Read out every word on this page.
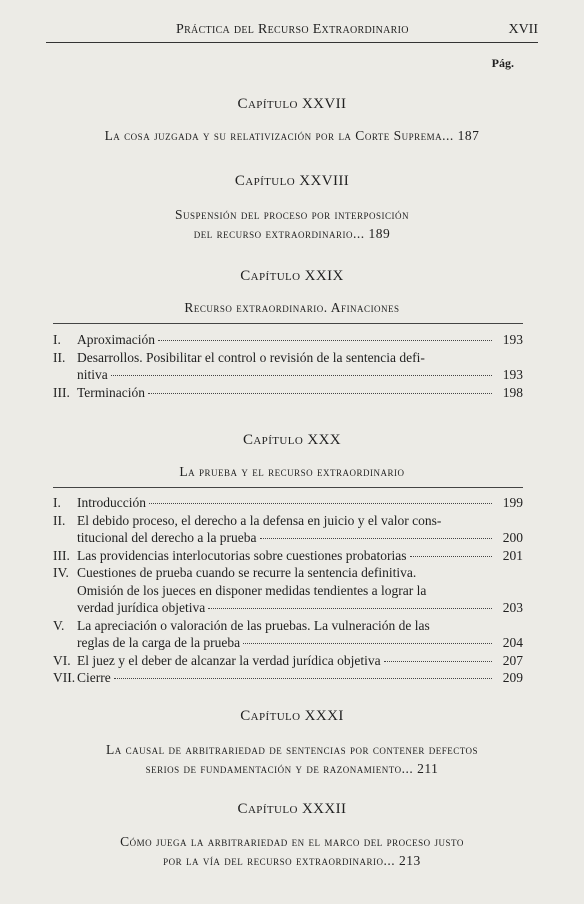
Práctica del Recurso Extraordinario	XVII
Pág.
Capítulo XXVII
La cosa juzgada y su relativización por la Corte Suprema... 187
Capítulo XXVIII
Suspensión del proceso por interposición
del recurso extraordinario... 189
Capítulo XXIX
Recurso extraordinario. Afinaciones
I. Aproximación	193
II. Desarrollos. Posibilitar el control o revisión de la sentencia defi-
nitiva	193
III. Terminación	198
Capítulo XXX
La prueba y el recurso extraordinario
I. Introducción	199
II. El debido proceso, el derecho a la defensa en juicio y el valor cons-
titucional del derecho a la prueba	200
III. Las providencias interlocutorias sobre cuestiones probatorias	201
IV. Cuestiones de prueba cuando se recurre la sentencia definitiva.
Omisión de los jueces en disponer medidas tendientes a lograr la
verdad jurídica objetiva	203
V. La apreciación o valoración de las pruebas. La vulneración de las
reglas de la carga de la prueba	204
VI. El juez y el deber de alcanzar la verdad jurídica objetiva	207
VII. Cierre	209
Capítulo XXXI
La causal de arbitrariedad de sentencias por contener defectos
serios de fundamentación y de razonamiento... 211
Capítulo XXXII
Cómo juega la arbitrariedad en el marco del proceso justo
por la vía del recurso extraordinario... 213
